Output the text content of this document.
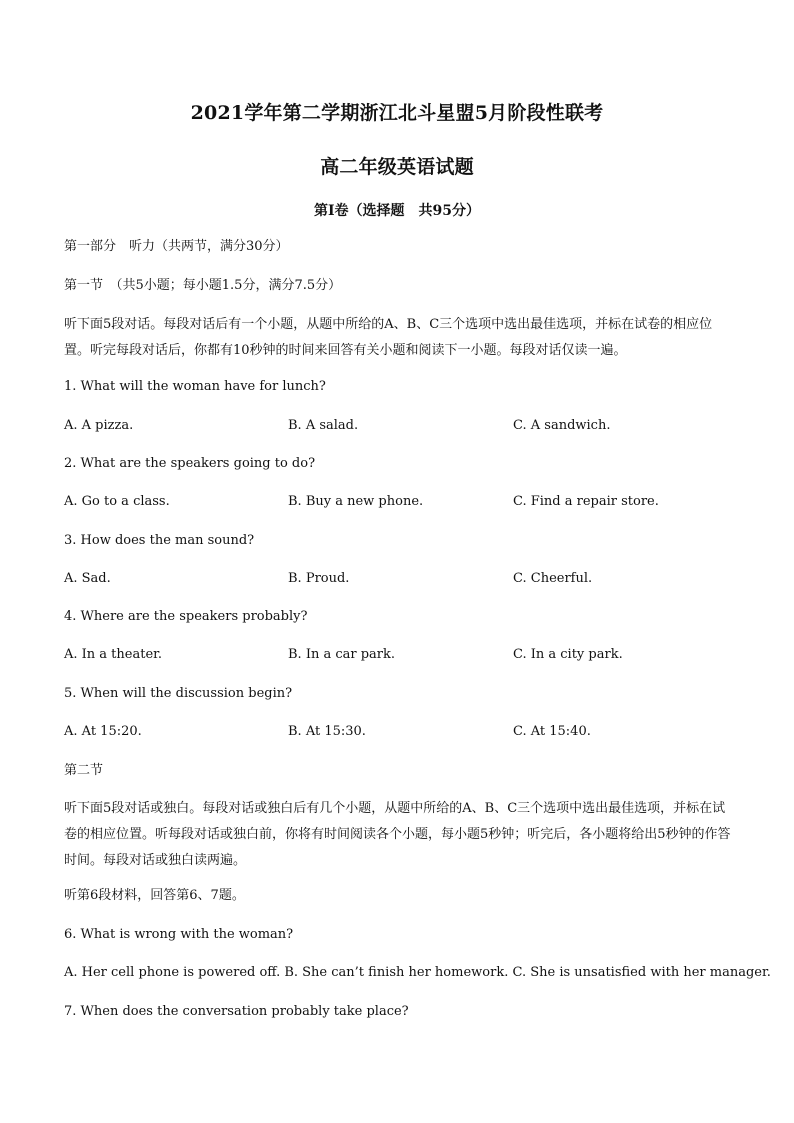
2021学年第二学期浙江北斗星盟5月阶段性联考
高二年级英语试题
第Ⅰ卷（选择题　共95分）
第一部分　听力（共两节，满分30分）
第一节　（共5小题；每小题1.5分，满分7.5分）
听下面5段对话。每段对话后有一个小题，从题中所给的A、B、C三个选项中选出最佳选项，并标在试卷的相应位置。听完每段对话后，你都有10秒钟的时间来回答有关小题和阅读下一小题。每段对话仅读一遍。
1. What will the woman have for lunch?
A. A pizza.	B. A salad.	C. A sandwich.
2. What are the speakers going to do?
A. Go to a class.	B. Buy a new phone.	C. Find a repair store.
3. How does the man sound?
A. Sad.	B. Proud.	C. Cheerful.
4. Where are the speakers probably?
A. In a theater.	B. In a car park.	C. In a city park.
5. When will the discussion begin?
A. At 15:20.	B. At 15:30.	C. At 15:40.
第二节
听下面5段对话或独白。每段对话或独白后有几个小题，从题中所给的A、B、C三个选项中选出最佳选项，并标在试卷的相应位置。听每段对话或独白前，你将有时间阅读各个小题，每小题5秒钟；听完后，各小题将给出5秒钟的作答时间。每段对话或独白读两遍。
听第6段材料，回答第6、7题。
6. What is wrong with the woman?
A. Her cell phone is powered off. B. She can’t finish her homework. C. She is unsatisfied with her manager.
7. When does the conversation probably take place?
